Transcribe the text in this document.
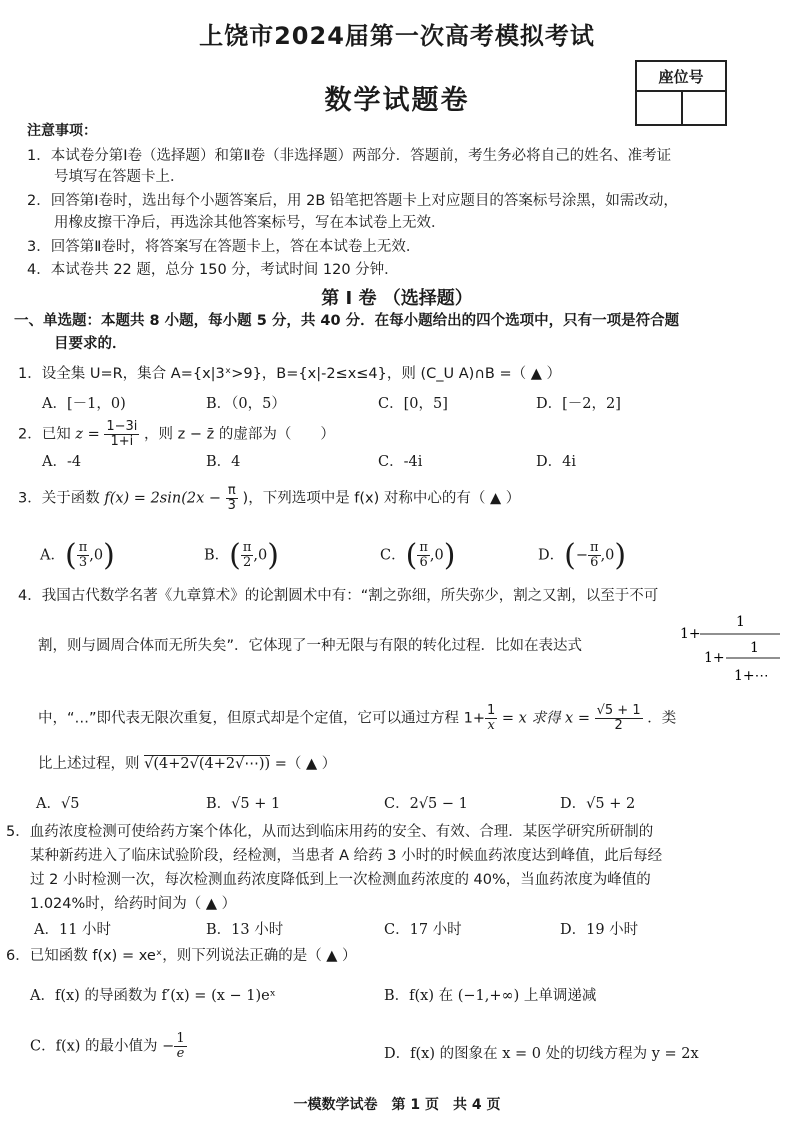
上饶市2024届第一次高考模拟考试
数学试题卷
座位号
注意事项：
1．本试卷分第Ⅰ卷（选择题）和第Ⅱ卷（非选择题）两部分．答题前，考生务必将自己的姓名、准考证
号填写在答题卡上．
2．回答第Ⅰ卷时，选出每个小题答案后，用 2B 铅笔把答题卡上对应题目的答案标号涂黑，如需改动，
用橡皮擦干净后，再选涂其他答案标号，写在本试卷上无效．
3．回答第Ⅱ卷时，将答案写在答题卡上，答在本试卷上无效．
4．本试卷共 22 题，总分 150 分，考试时间 120 分钟．
第 I 卷 （选择题）
一、单选题：本题共 8 小题，每小题 5 分，共 40 分．在每小题给出的四个选项中，只有一项是符合题
目要求的．
1．设全集 U=R，集合 A={x|3ˣ>9}，B={x|-2≤x≤4}，则 (C_U A)∩B =（ ▲ ）
A．[－1，0)	B．（0，5）	C．[0，5]	D．[－2，2]
2．已知 $z = \frac{1-3i}{1+i}$ ，则 z − z̄ 的虚部为（　　）
A．-4	B．4	C．-4i	D．4i
3．关于函数 $f(x) = 2\sin(2x - \frac{\pi}{3}$ )，下列选项中是 f(x) 对称中心的有（ ▲ ）
A．( $\frac{\pi}{3} ,0$)	B．( $\frac{\pi}{2} ,0$)	C．( $\frac{\pi}{6} ,0$)	D．(− $\frac{\pi}{6} ,0$)
4．我国古代数学名著《九章算术》的论割圆术中有：“割之弥细，所失弥少，割之又割，以至于不可
割，则与圆周合体而无所失矣”．它体现了一种无限与有限的转化过程．比如在表达式
1+
1
1+
1
1+⋯
中，“…”即代表无限次重复，但原式却是个定值，它可以通过方程 $1+ \frac{1}{x} = x$ 求得 $x = \frac{√5 + 1}{2}$ ．类
比上述过程，则 √(4+2√(4+2√⋯)) =（ ▲ ）
A．√5	B．√5 + 1	C．2√5 − 1	D．√5 + 2
5．血药浓度检测可使给药方案个体化，从而达到临床用药的安全、有效、合理．某医学研究所研制的
某种新药进入了临床试验阶段，经检测，当患者 A 给药 3 小时的时候血药浓度达到峰值，此后每经
过 2 小时检测一次，每次检测血药浓度降低到上一次检测血药浓度的 40%，当血药浓度为峰值的
1.024%时，给药时间为（ ▲ ）
A．11 小时	B．13 小时	C．17 小时	D．19 小时
6．已知函数 f(x) = xeˣ，则下列说法正确的是（ ▲ ）
A．f(x) 的导函数为 f′(x) = (x − 1)eˣ	B．f(x) 在 (−1,+∞) 上单调递减
C．f(x) 的最小值为 − $\frac{1}{e}$	D．f(x) 的图象在 x = 0 处的切线方程为 y = 2x
一模数学试卷　第 1 页　共 4 页
